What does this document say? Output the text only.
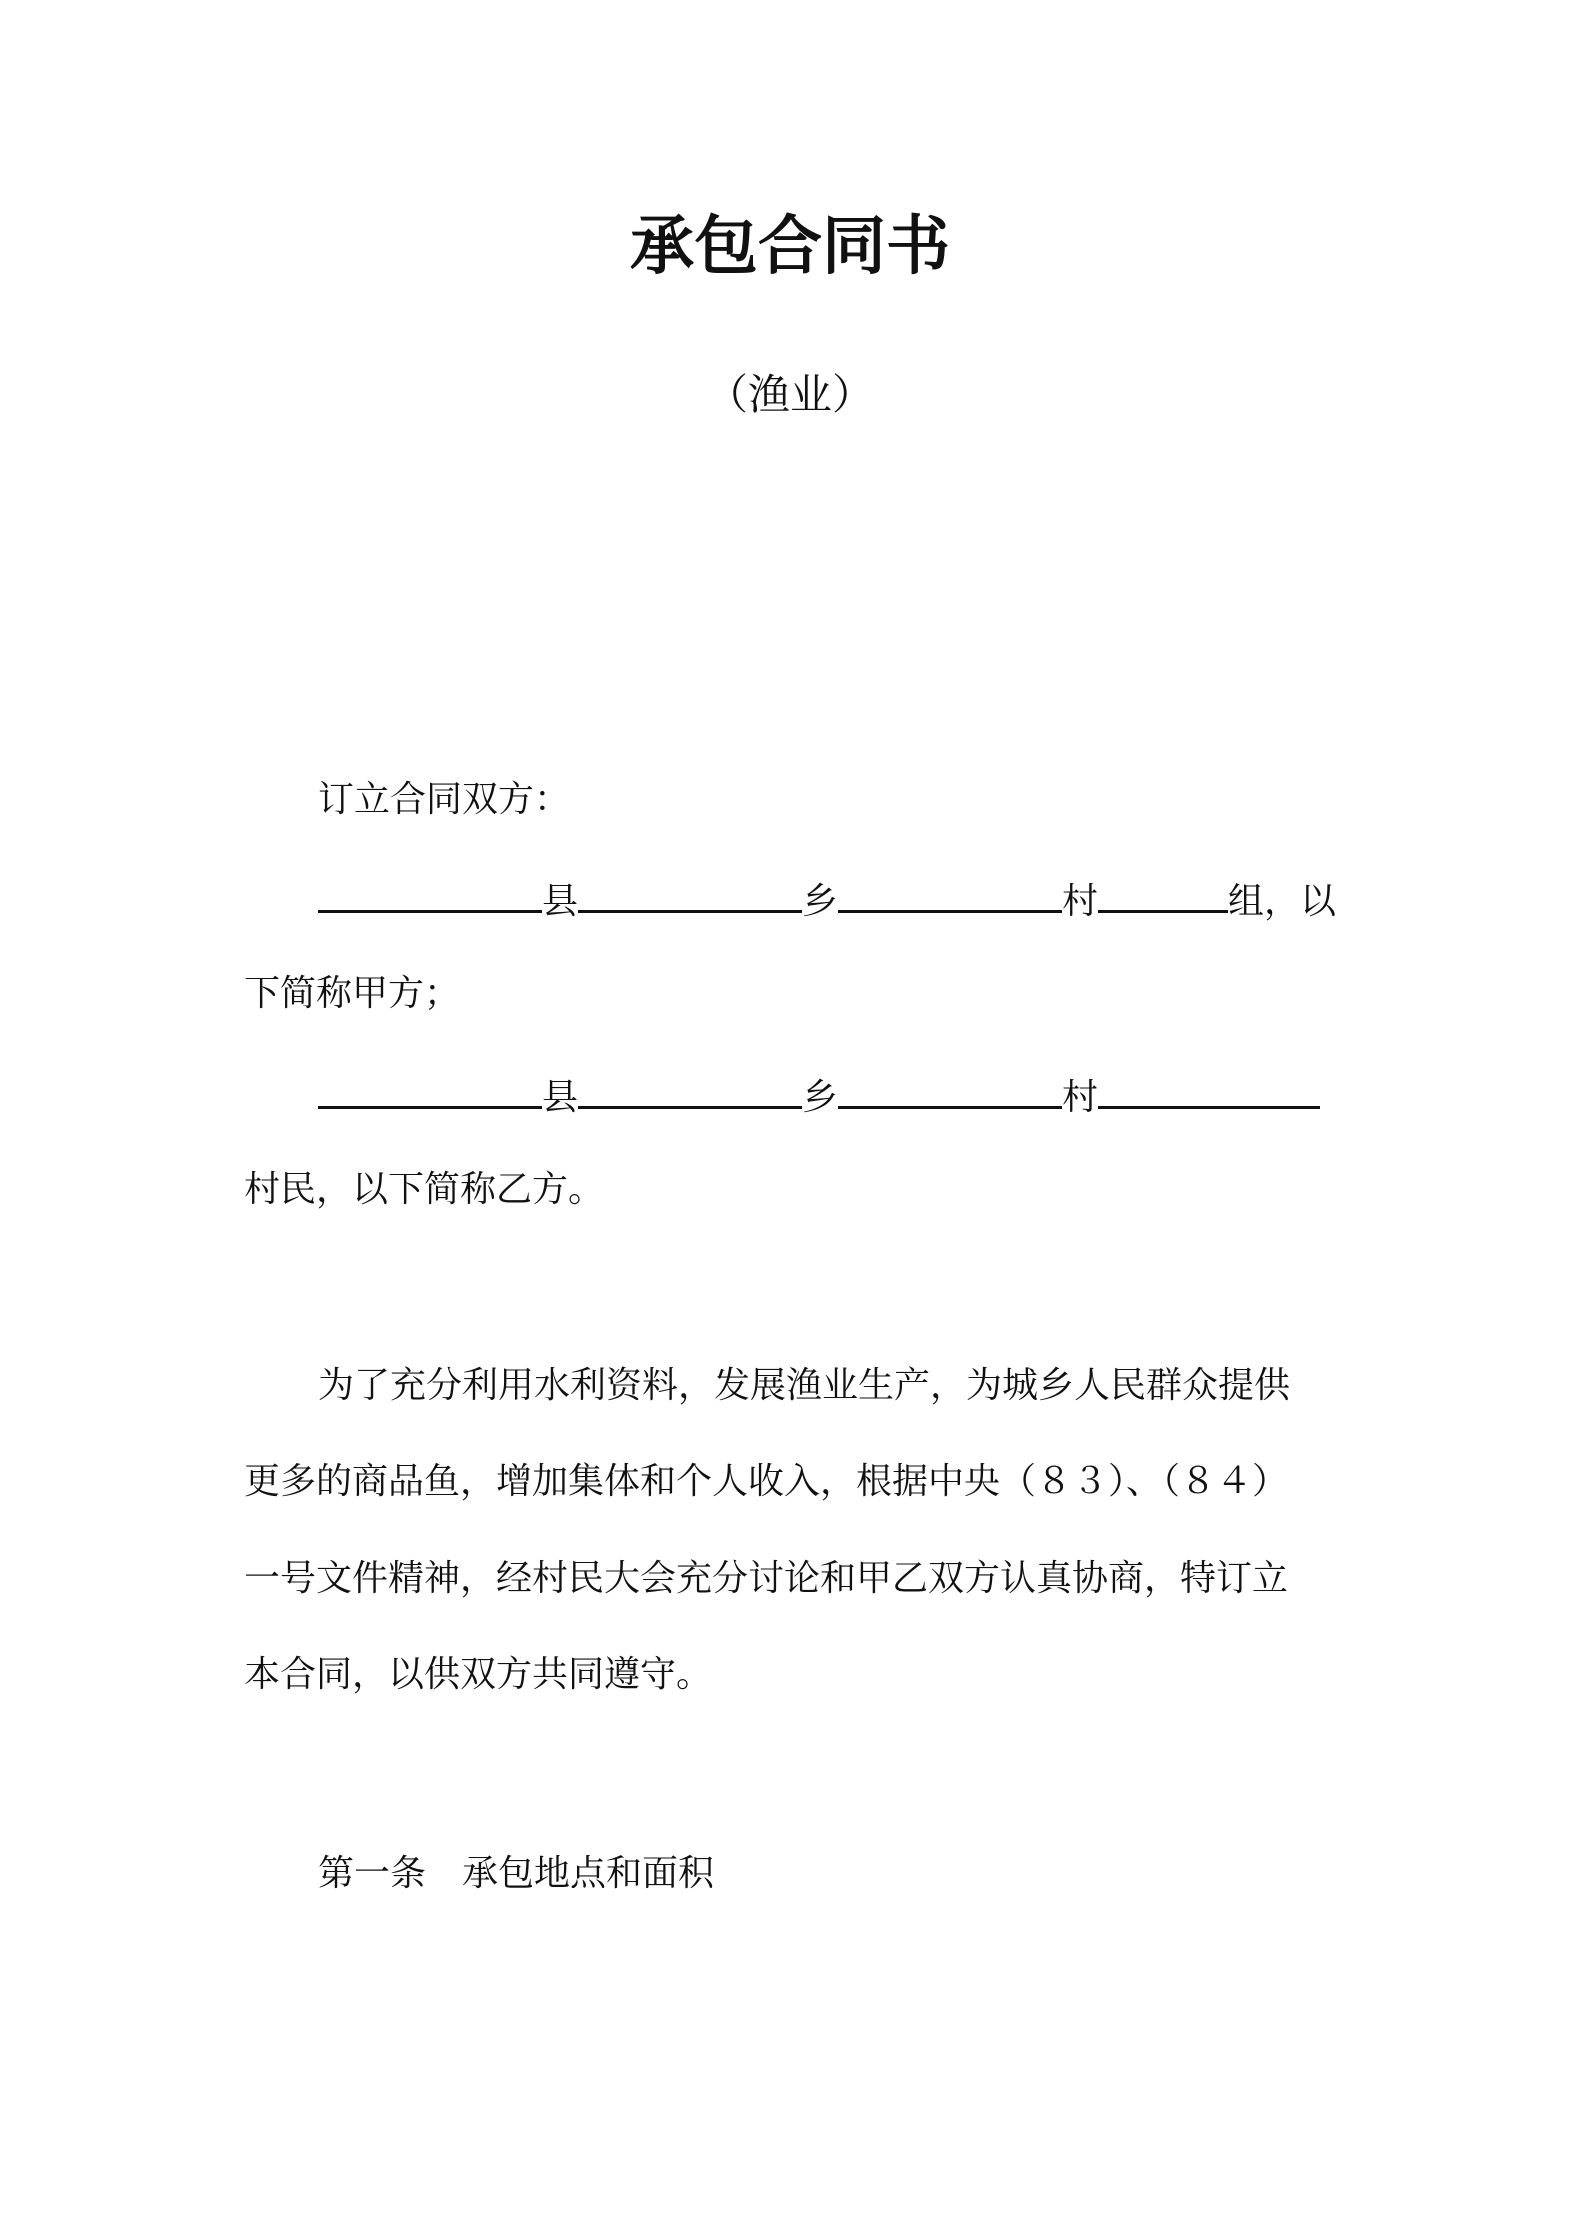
承包合同书
（渔业）
订立合同双方：
县	乡	村	组，以
下简称甲方；
县	乡	村
村民，以下简称乙方。
为了充分利用水利资料，发展渔业生产，为城乡人民群众提供
更多的商品鱼，增加集体和个人收入，根据中央（８３）、（８４）
一号文件精神，经村民大会充分讨论和甲乙双方认真协商，特订立
本合同，以供双方共同遵守。
第一条　承包地点和面积
